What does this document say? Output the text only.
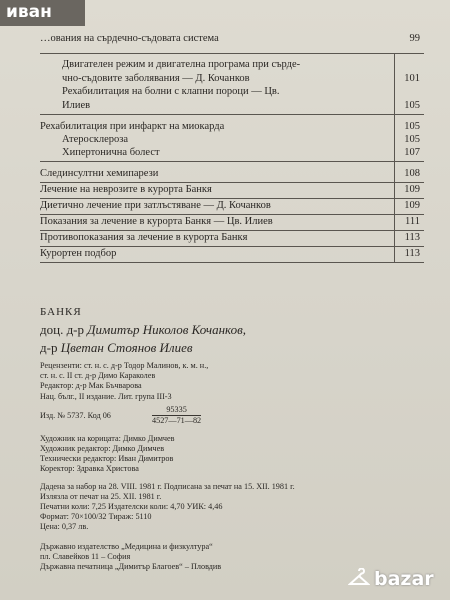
иван
…ования на сърдечно-съдовата система	99
Двигателен режим и двигателна програма при сърде-
чно-съдовите заболявания — Д. Кочанков	101
Рехабилитация на болни с клапни пороци — Цв.
Илиев	105
Рехабилитация при инфаркт на миокарда	105
Атеросклероза	105
Хипертонична болест	107
Слединсултни хемипарези	108
Лечение на неврозите в курорта Банкя	109
Диетично лечение при затлъстяване — Д. Кочанков	109
Показания за лечение в курорта Банкя — Цв. Илиев	111
Противопоказания за лечение в курорта Банкя	113
Курортен подбор	113
БАНКЯ
доц. д-р Димитър Николов Кочанков,
д-р Цветан Стоянов Илиев
Рецензенти: ст. н. с. д-р Тодор Малинов, к. м. н.,
ст. н. с. II ст. д-р Димо Караколев
Редактор: д-р Мак Бъчварова
Нац. бълг., II издание. Лит. група III-3
Изд. № 5737. Код 06	$\frac{95335}{4527—71—82}$
Художник на корицата: Димко Димчев
Художник редактор: Димко Димчев
Технически редактор: Иван Димитров
Коректор: Здравка Христова
Дадена за набор на 28. VIII. 1981 г. Подписана за печат на 15. XII. 1981 г.
Излязла от печат на 25. XII. 1981 г.
Печатни коли: 7,25 Издателски коли: 4,70 УИК: 4,46
Формат: 70×100/32 Тираж: 5110
Цена: 0,37 лв.
Държавно издателство „Медицина и физкултура“
пл. Славейков 11 – София
Държавна печатница „Димитър Благоев“ – Пловдив
bazar
